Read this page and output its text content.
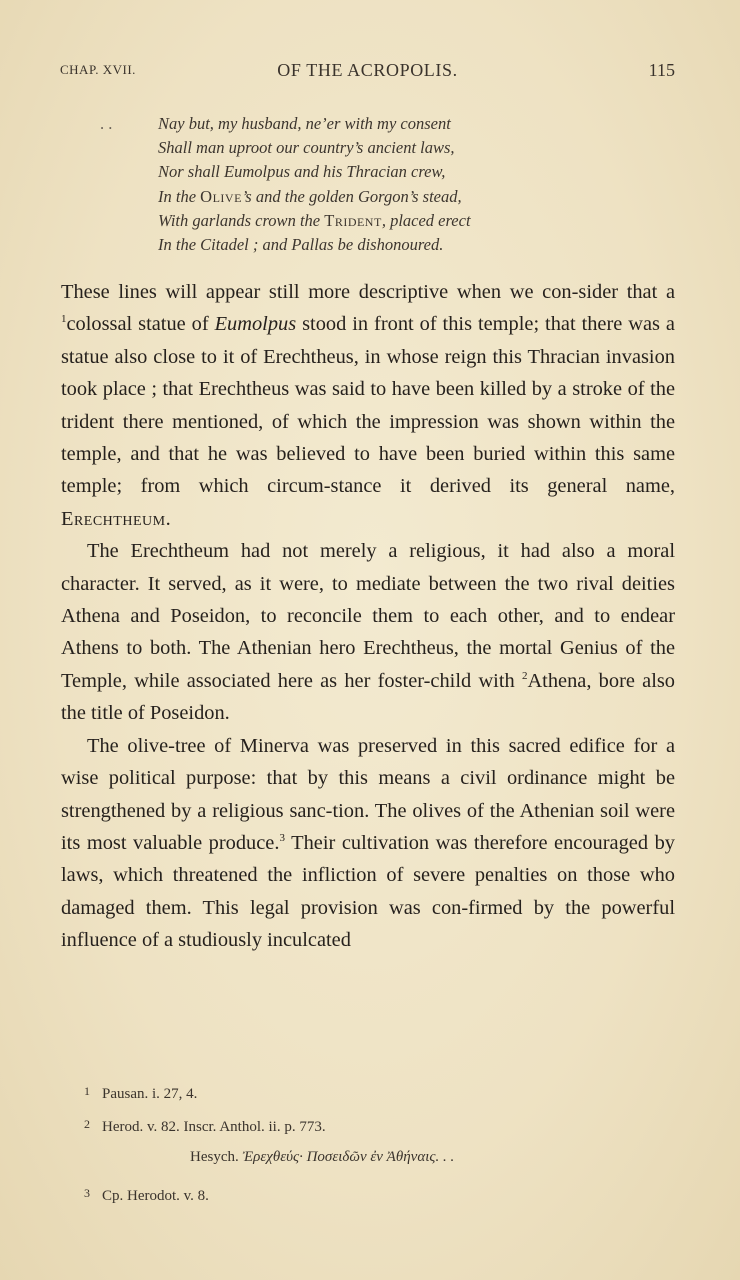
CHAP. XVII.	OF THE ACROPOLIS.	115
. .	Nay but, my husband, ne’er with my consent
Shall man uproot our country’s ancient laws,
Nor shall Eumolpus and his Thracian crew,
In the Olive’s and the golden Gorgon’s stead,
With garlands crown the Trident, placed erect
In the Citadel ; and Pallas be dishonoured.

These lines will appear still more descriptive when we con-sider that a $^1$colossal statue of Eumolpus stood in front of this temple; that there was a statue also close to it of Erechtheus, in whose reign this Thracian invasion took place ; that Erechtheus was said to have been killed by a stroke of the trident there mentioned, of which the impression was shown within the temple, and that he was believed to have been buried within this same temple; from which circum-stance it derived its general name, Erechtheum.

The Erechtheum had not merely a religious, it had also a moral character. It served, as it were, to mediate between the two rival deities Athena and Poseidon, to reconcile them to each other, and to endear Athens to both. The Athenian hero Erechtheus, the mortal Genius of the Temple, while associated here as her foster-child with $^2$Athena, bore also the title of Poseidon.

The olive-tree of Minerva was preserved in this sacred edifice for a wise political purpose: that by this means a civil ordinance might be strengthened by a religious sanc-tion. The olives of the Athenian soil were its most valuable produce.$^3$ Their cultivation was therefore encouraged by laws, which threatened the infliction of severe penalties on those who damaged them. This legal provision was con-firmed by the powerful influence of a studiously inculcated

1 Pausan. i. 27, 4.
2 Herod. v. 82. Inscr. Anthol. ii. p. 773.
Hesych. Ἐρεχθεύς· Ποσειδῶν ἐν Ἀθήναις. . .
3 Cp. Herodot. v. 8.
